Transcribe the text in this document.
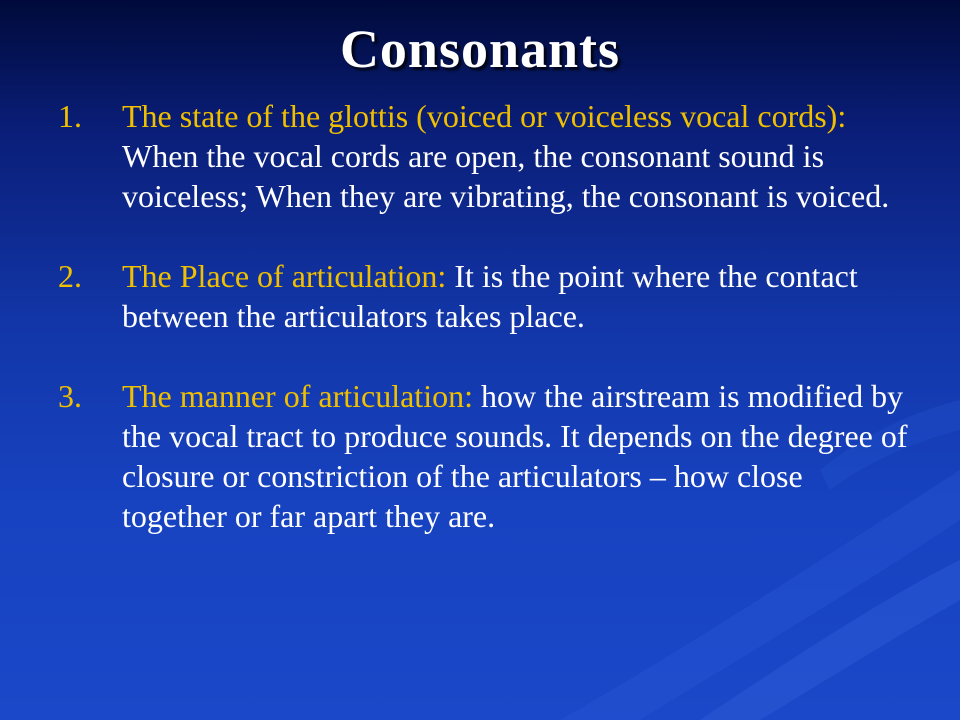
Consonants
1. The state of the glottis (voiced or voiceless vocal cords): When the vocal cords are open, the consonant sound is voiceless; When they are vibrating, the consonant is voiced.
2. The Place of articulation: It is the point where the contact between the articulators takes place.
3. The manner of articulation: how the airstream is modified by the vocal tract to produce sounds. It depends on the degree of closure or constriction of the articulators – how close together or far apart they are.
